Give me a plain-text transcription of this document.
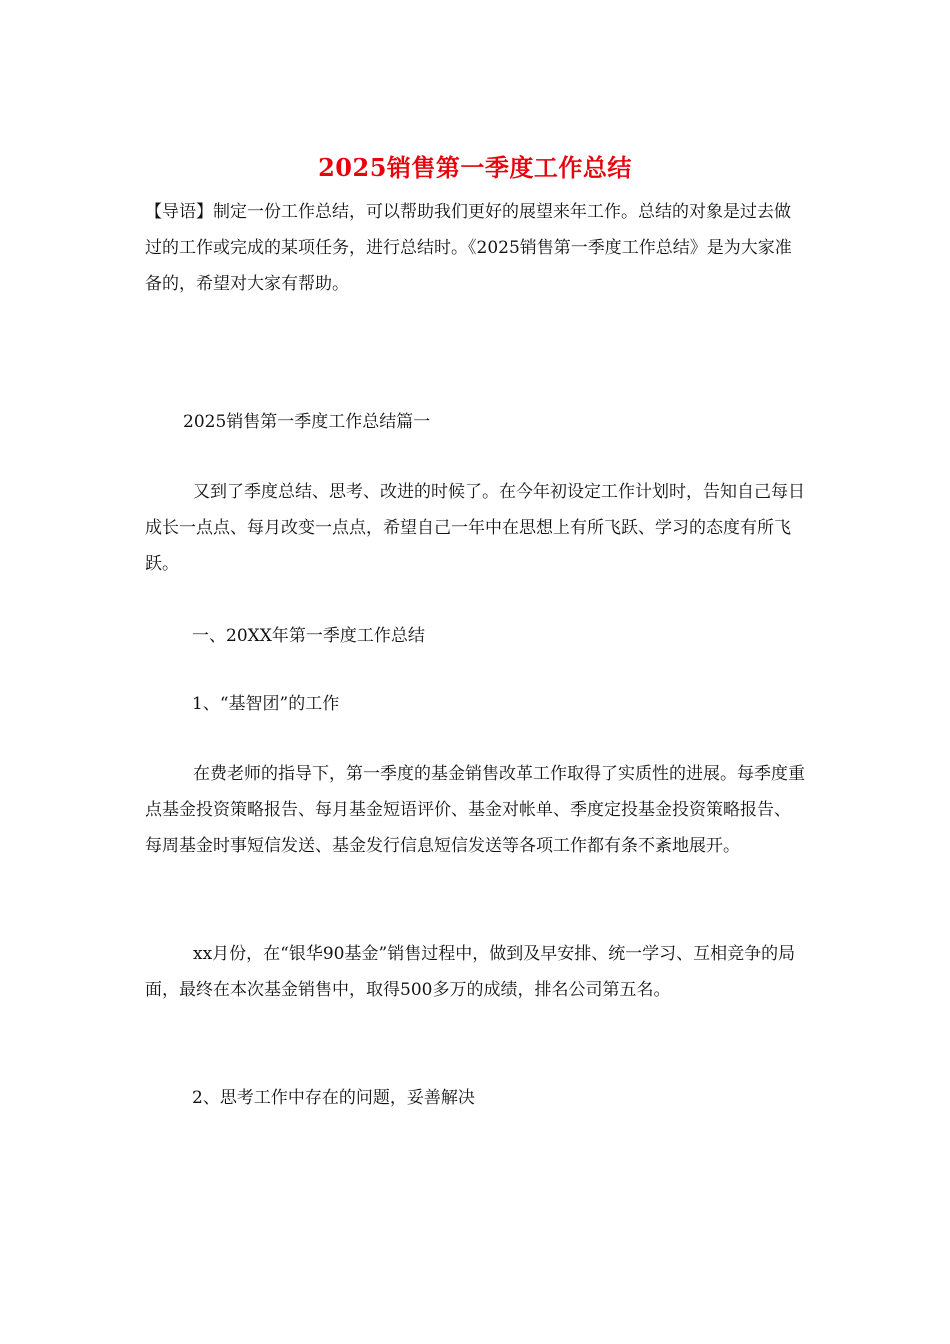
2025销售第一季度工作总结

【导语】制定一份工作总结，可以帮助我们更好的展望来年工作。总结的对象是过去做过的工作或完成的某项任务，进行总结时。《2025销售第一季度工作总结》是为大家准备的，希望对大家有帮助。

2025销售第一季度工作总结篇一

又到了季度总结、思考、改进的时候了。在今年初设定工作计划时，告知自己每日成长一点点、每月改变一点点，希望自己一年中在思想上有所飞跃、学习的态度有所飞跃。

一、20XX年第一季度工作总结

1、“基智团”的工作

在费老师的指导下，第一季度的基金销售改革工作取得了实质性的进展。每季度重点基金投资策略报告、每月基金短语评价、基金对帐单、季度定投基金投资策略报告、每周基金时事短信发送、基金发行信息短信发送等各项工作都有条不紊地展开。

xx月份，在“银华90基金”销售过程中，做到及早安排、统一学习、互相竞争的局面，最终在本次基金销售中，取得500多万的成绩，排名公司第五名。

2、思考工作中存在的问题，妥善解决
